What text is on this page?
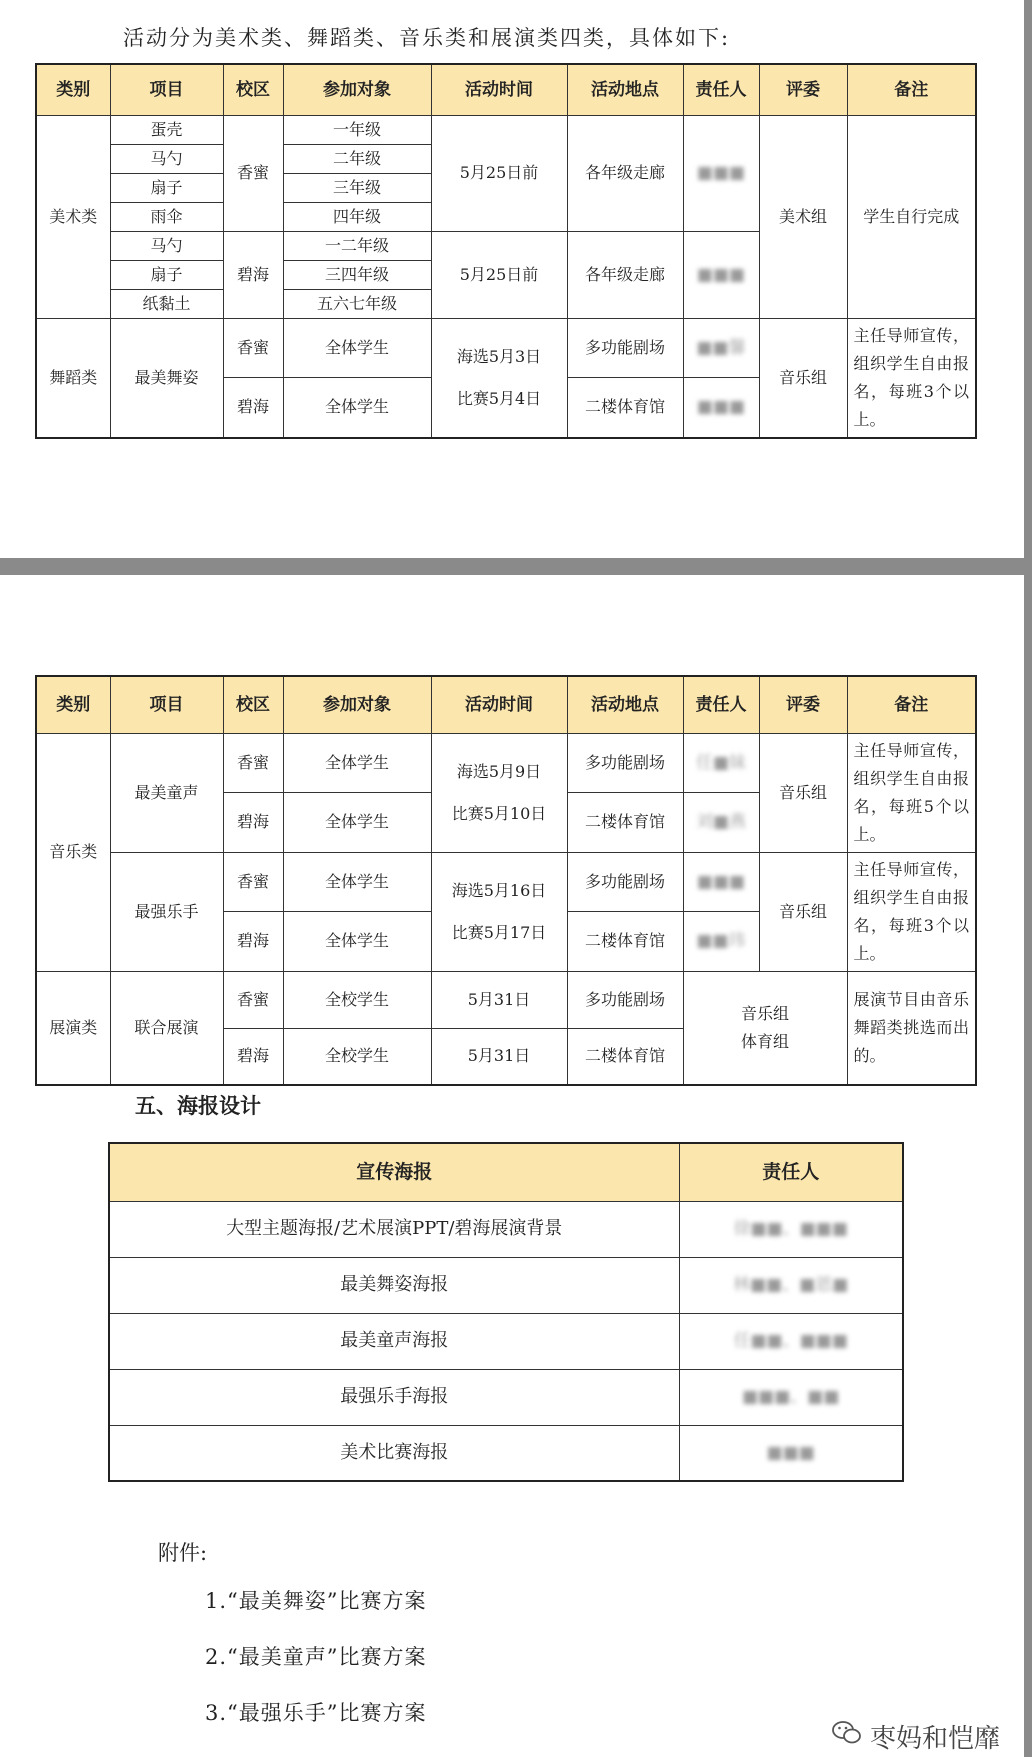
活动分为美术类、舞蹈类、音乐类和展演类四类，具体如下:

类别	项目	校区	参加对象	活动时间	活动地点	责任人	评委	备注
美术类	蛋壳	香蜜	一年级	5月25日前	各年级走廊	■■■	美术组	学生自行完成
	马勺		二年级					
	扇子		三年级					
	雨伞		四年级					
	马勺	碧海	一二年级	5月25日前	各年级走廊	■■■		
	扇子		三四年级					
	纸黏土		五六七年级					
舞蹈类	最美舞姿	香蜜	全体学生	海选5月3日
比赛5月4日	多功能剧场	■■馨	音乐组	主任导师宣传，组织学生自由报名，每班3个以上。
		碧海	全体学生		二楼体育馆	■■■		
类别	项目	校区	参加对象	活动时间	活动地点	责任人	评委	备注
音乐类	最美童声	香蜜	全体学生	海选5月9日
比赛5月10日	多功能剧场	任■妹	音乐组	主任导师宣传，组织学生自由报名，每班5个以上。
		碧海	全体学生		二楼体育馆	刘■燕		
	最强乐手	香蜜	全体学生	海选5月16日
比赛5月17日	多功能剧场	■■■	音乐组	主任导师宣传，组织学生自由报名，每班3个以上。
		碧海	全体学生		二楼体育馆	■■玮		
展演类	联合展演	香蜜	全校学生	5月31日	多功能剧场	音乐组
体育组		展演节目由音乐舞蹈类挑选而出的。
		碧海	全校学生	5月31日	二楼体育馆			
五、海报设计
宣传海报	责任人
大型主题海报/艺术展演PPT/碧海展演背景	徐■■、■■■
最美舞姿海报	林■■、■恩■
最美童声海报	任■■、■■■
最强乐手海报	■■■、■■
美术比赛海报	■■■

附件:

1.“最美舞姿”比赛方案
2.“最美童声”比赛方案
3.“最强乐手”比赛方案
枣妈和恺靡
